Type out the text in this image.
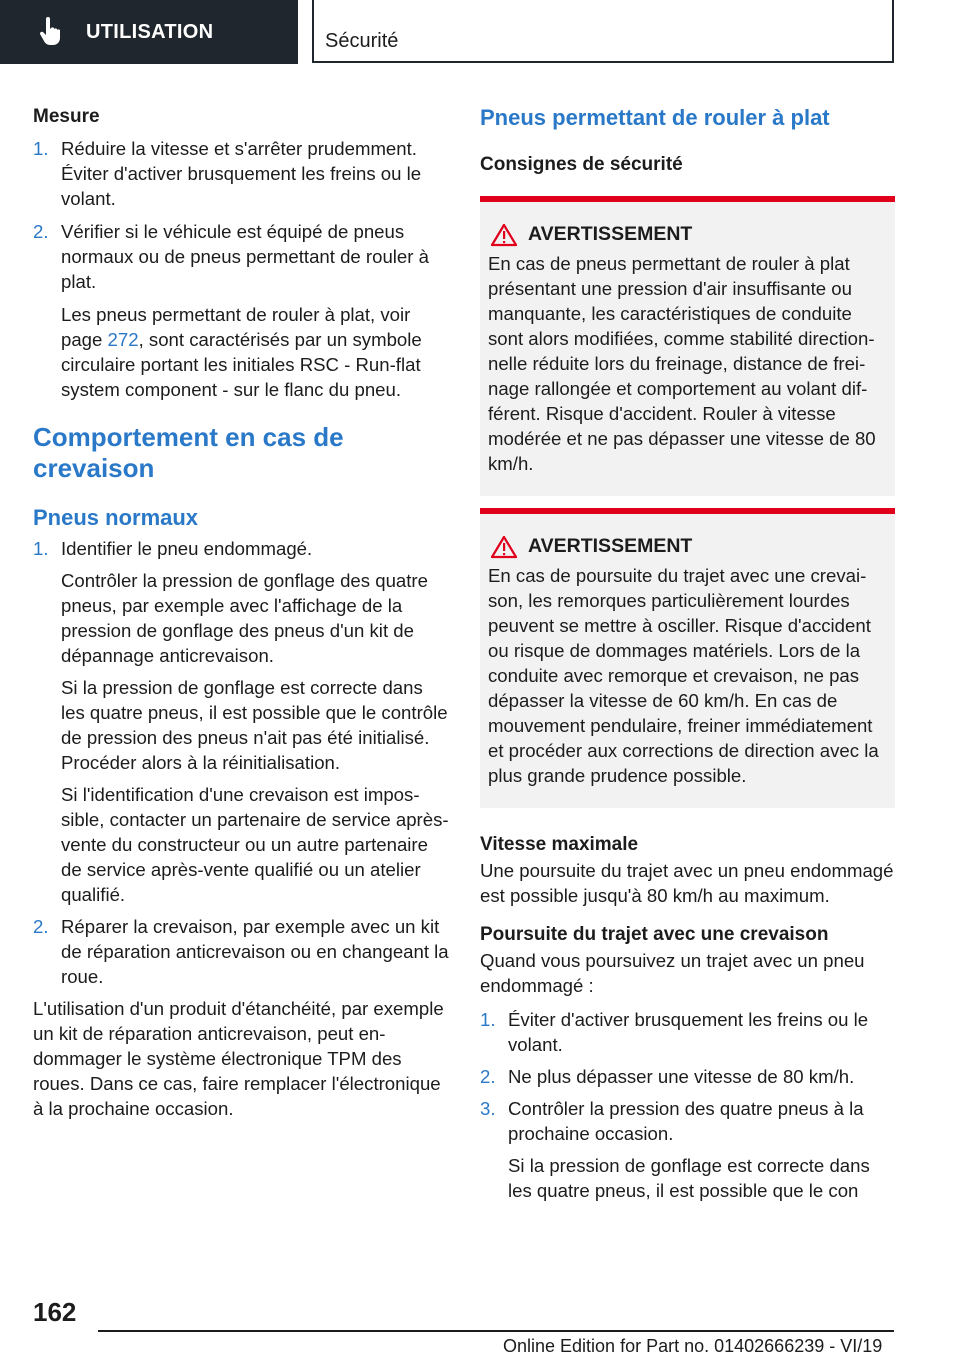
UTILISATION	Sécurité
Mesure
1. Réduire la vitesse et s'arrêter prudemment. Éviter d'activer brusquement les freins ou le volant.
2. Vérifier si le véhicule est équipé de pneus normaux ou de pneus permettant de rouler à plat.

Les pneus permettant de rouler à plat, voir page 272, sont caractérisés par un symbole circulaire portant les initiales RSC - Run-flat system component - sur le flanc du pneu.

Comportement en cas de crevaison
Pneus normaux
1. Identifier le pneu endommagé.

Contrôler la pression de gonflage des quatre pneus, par exemple avec l'affichage de la pression de gonflage des pneus d'un kit de dépannage anticrevaison.

Si la pression de gonflage est correcte dans les quatre pneus, il est possible que le contrôle de pression des pneus n'ait pas été initialisé. Procéder alors à la réinitialisation.

Si l'identification d'une crevaison est impossible, contacter un partenaire de service après-vente du constructeur ou un autre partenaire de service après-vente qualifié ou un atelier qualifié.

2. Réparer la crevaison, par exemple avec un kit de réparation anticrevaison ou en changeant la roue.

L'utilisation d'un produit d'étanchéité, par exemple un kit de réparation anticrevaison, peut endommager le système électronique TPM des roues. Dans ce cas, faire remplacer l'électronique à la prochaine occasion.

Pneus permettant de rouler à plat
Consignes de sécurité
AVERTISSEMENT

En cas de pneus permettant de rouler à plat présentant une pression d'air insuffisante ou manquante, les caractéristiques de conduite sont alors modifiées, comme stabilité directionnelle réduite lors du freinage, distance de freinage rallongée et comportement au volant différent. Risque d'accident. Rouler à vitesse modérée et ne pas dépasser une vitesse de 80 km/h.

AVERTISSEMENT

En cas de poursuite du trajet avec une crevaison, les remorques particulièrement lourdes peuvent se mettre à osciller. Risque d'accident ou risque de dommages matériels. Lors de la conduite avec remorque et crevaison, ne pas dépasser la vitesse de 60 km/h. En cas de mouvement pendulaire, freiner immédiatement et procéder aux corrections de direction avec la plus grande prudence possible.

Vitesse maximale

Une poursuite du trajet avec un pneu endommagé est possible jusqu'à 80 km/h au maximum.

Poursuite du trajet avec une crevaison

Quand vous poursuivez un trajet avec un pneu endommagé :

1. Éviter d'activer brusquement les freins ou le volant.
2. Ne plus dépasser une vitesse de 80 km/h.
3. Contrôler la pression des quatre pneus à la prochaine occasion.

Si la pression de gonflage est correcte dans les quatre pneus, il est possible que le con

162
Online Edition for Part no. 01402666239 - VI/19
